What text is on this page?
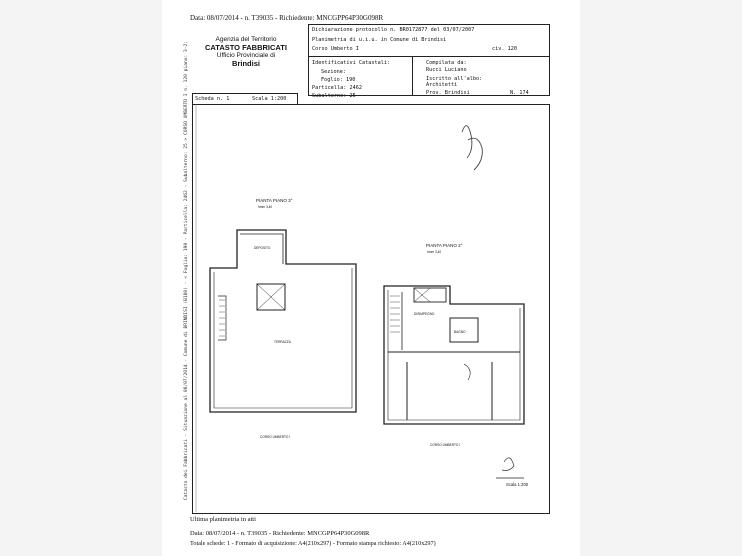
Data: 08/07/2014 - n. T39035 - Richiedente: MNCGPP64P30G098R
Agenzia del Territorio
CATASTO FABBRICATI
Ufficio Provinciale di
Brindisi
Dichiarazione protocollo n. BR0172877 del 03/07/2007
Planimetria di u.i.u. in Comune di Brindisi
Corso Umberto I	civ. 120
Identificativi Catastali:
Sezione:
Foglio: 190
Particella: 2462
Subalterno: 25
Compilata da:
Rucci Luciano
Iscritto all'albo:
Architetti
Prov. Brindisi	N. 174
Scheda n. 1	Scala 1:200
PIANTA PIANO 3°
hmm 3,40
DEPOSITO
TERRAZZA
CORSO UMBERTO I
PIANTA PIANO 2°
hmm 3,40
DISIMPEGNO
BAGNO
CORSO UMBERTO I
Scala 1:200
Catasto dei Fabbricati - Situazione al 08/07/2014 - Comune di BRINDISI (B180) - < Foglio: 190 - Particella: 2462 - Subalterno: 25 > CORSO UMBERTO I n. 120 piano: 3-2;
Ultima planimetria in atti
Data: 08/07/2014 - n. T39035 - Richiedente: MNCGPP64P30G098R
Totale schede: 1 - Formato di acquisizione: A4(210x297) - Formato stampa richiesto: A4(210x297)
